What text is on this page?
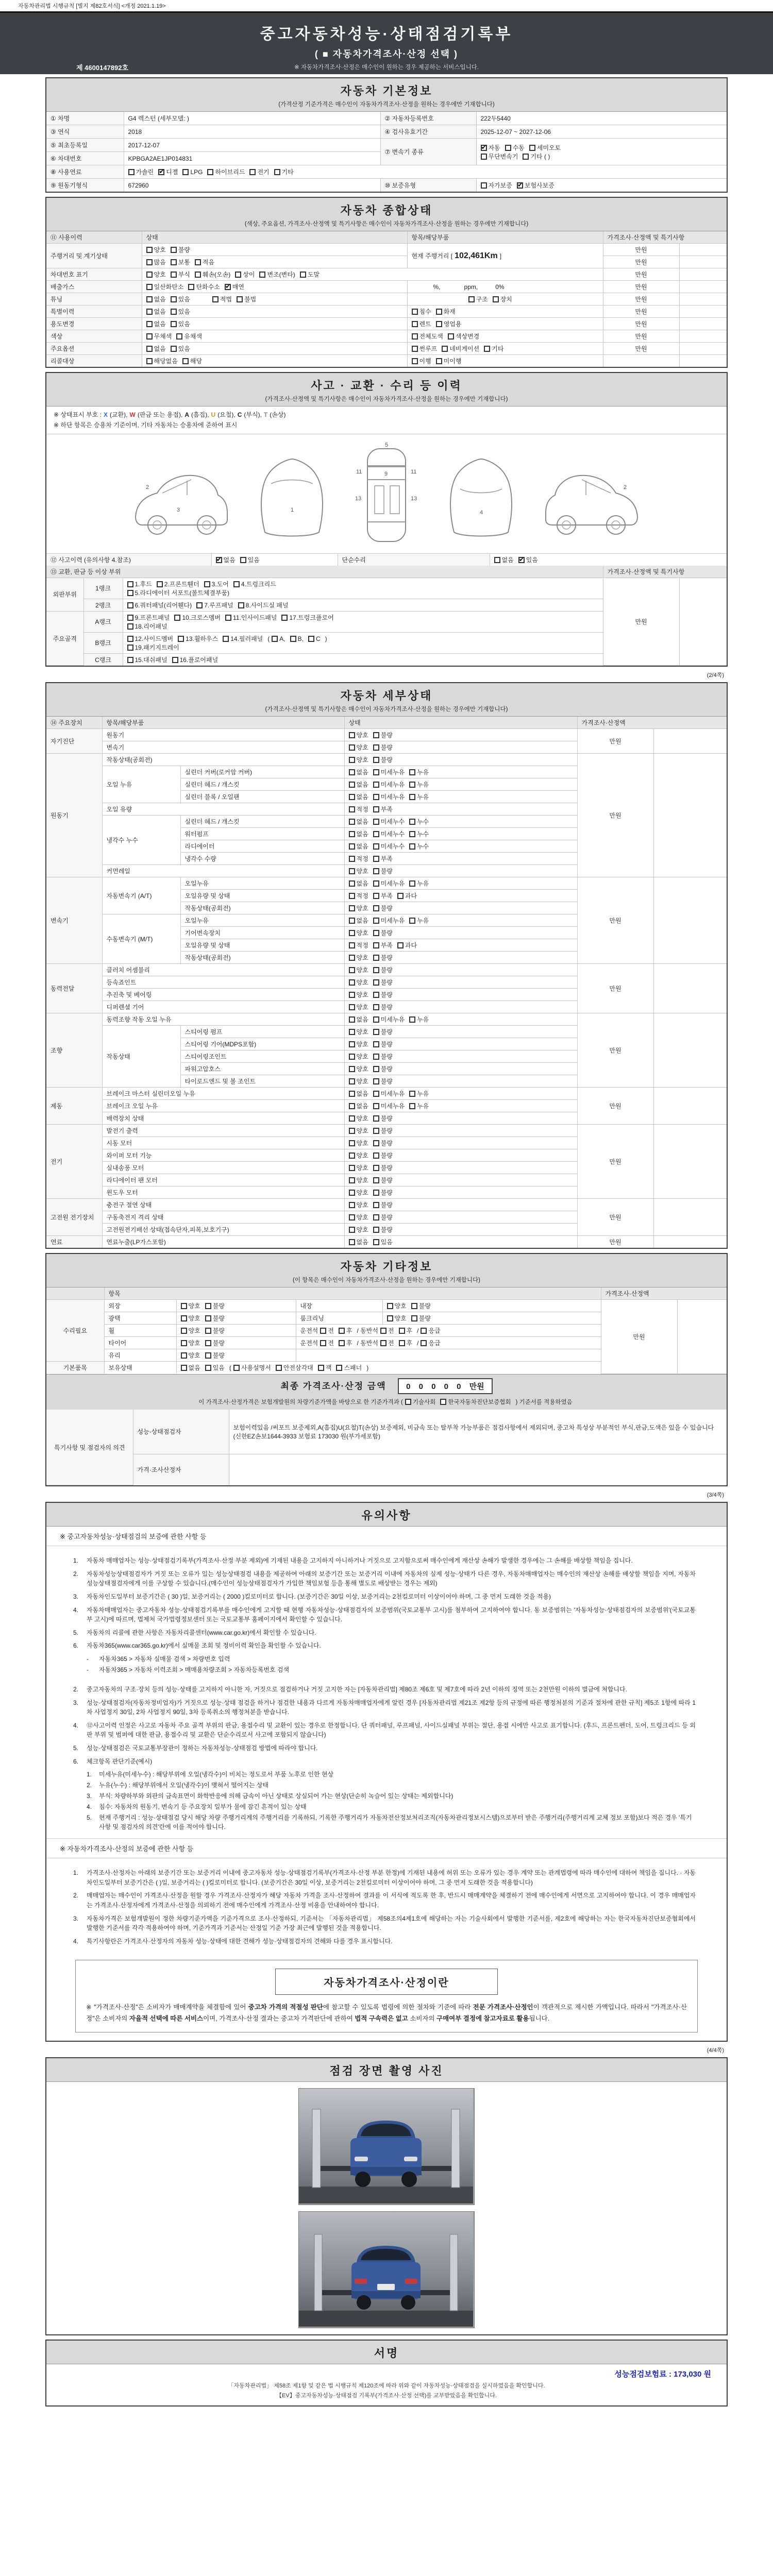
자동차관리법 시행규칙 [별지 제82호서식] <개정 2021.1.19>
중고자동차성능·상태점검기록부
( ■ 자동차가격조사·산정 선택 )
※ 자동차가격조사·산정은 매수인이 원하는 경우 제공하는 서비스입니다.
제 4600147892호
자동차 기본정보
(가격산정 기준가격은 매수인이 자동차가격조사·산정을 원하는 경우에만 기재합니다)
① 차명	G4 렉스턴 (세부모델: )	② 자동차등록번호	222두5440
③ 연식	2018	④ 검사유효기간	2025-12-07 ~ 2027-12-06
⑤ 최초등록일	2017-12-07	⑦ 변속기 종류	✔자동 수동 세미오토
무단변속기 기타 ( )
⑥ 차대번호	KPBGA2AE1JP014831		
⑧ 사용연료	가솔린 ✔ 디젤 LPG 하이브리드 전기 기타
⑨ 원동기형식	672960	⑩ 보증유형	자가보증 ✔ 보험사보증
자동차 종합상태
(색상, 주요옵션, 가격조사·산정액 및 특기사항은 매수인이 자동차가격조사·산정을 원하는 경우에만 기재합니다)
⑪ 사용이력	상태	항목/해당부품	가격조사·산정액 및 특기사항	
주행거리 및 계기상태	양호 불량	현재 주행거리 [102,461Km]	만원	
	많음 보통 적음		만원	
차대번호 표기	양호 부식 훼손(오손) 상이 변조(변타) 도말		만원	
배출가스	일산화탄소 탄화수소 ✔ 매연	%, ppm, 0%	만원	
튜닝	없음 있음 적법 불법	구조 장치	만원	
특별이력	없음 있음	침수 화재	만원	
용도변경	없음 있음	렌트 영업용	만원	
색상	무채색 유채색	전체도색 색상변경	만원	
주요옵션	없음 있음	썬루프 네비게이션 기타	만원	
리콜대상	해당없음 해당	이행 미이행		
사고 · 교환 · 수리 등 이력
(가격조사·산정액 및 특기사항은 매수인이 자동차가격조사·산정을 원하는 경우에만 기재합니다)
※ 상태표시 부호 :X(교환),W(판금 또는 용접),A(흠집),U(요철),C(부식),T(손상)
※ 하단 항목은 승용차 기준이며, 기타 자동차는 승용차에 준하여 표시
2
3	1
5
9
11	11
13	13
4
2
⑫ 사고이력 (유의사항 4.참조)	✔없음 있음	단순수리	없음 ✔ 있음
⑬ 교환, 판금 등 이상 부위			가격조사·산정액 및 특기사항	
외판부위	1랭크	1.후드 2.프론트휀더 3.도어 4.트렁크리드
5.라디에이터 서포트(볼트체결부품)	만원	
	2랭크	6.쿼터패널(리어휀다) 7.루프패널 8.사이드실 패널		
주요골격	A랭크	9.프론트패널 10.크로스멤버 11.인사이드패널 17.트렁크플로어
18.리어패널		
	B랭크	12.사이드멤버 13.휠하우스 14.필러패널 (A, B, C)
19.패키지트레이		
	C랭크	15.대쉬패널 16.플로어패널		
(2/4쪽)
자동차 세부상태
(가격조사·산정액 및 특기사항은 매수인이 자동차가격조사·산정을 원하는 경우에만 기재합니다)
⑭ 주요장치	항목/해당부품		상태	가격조사·산정액	
자기진단	원동기		양호 불량	만원	
	변속기		양호 불량		
원동기	작동상태(공회전)		양호 불량	만원	
	오일 누유	실린더 커버(로커암 커버)	없음 미세누유 누유		
		실린더 헤드 / 개스킷	없음 미세누유 누유		
		실린더 블록 / 오일팬	없음 미세누유 누유		
	오일 유량		적정 부족		
	냉각수 누수	실린더 헤드 / 개스킷	없음 미세누수 누수		
		워터펌프	없음 미세누수 누수		
		라디에이터	없음 미세누수 누수		
		냉각수 수량	적정 부족		
	커먼레일		양호 불량		
변속기	자동변속기 (A/T)	오일누유	없음 미세누유 누유	만원	
		오일유량 및 상태	적정 부족 과다		
		작동상태(공회전)	양호 불량		
	수동변속기 (M/T)	오일누유	없음 미세누유 누유		
		기어변속장치	양호 불량		
		오일유량 및 상태	적정 부족 과다		
		작동상태(공회전)	양호 불량		
동력전달	클러치 어셈블리		양호 불량	만원	
	등속죠인트		양호 불량		
	추진축 및 베어링		양호 불량		
	디퍼렌셜 기어		양호 불량		
조향	동력조향 작동 오일 누유		없음 미세누유 누유	만원	
	작동상태	스티어링 펌프	양호 불량		
		스티어링 기어(MDPS포함)	양호 불량		
		스티어링조인트	양호 불량		
		파워고압호스	양호 불량		
		타이로드엔드 및 볼 조인트	양호 불량		
제동	브레이크 마스터 실린더오일 누유		없음 미세누유 누유	만원	
	브레이크 오일 누유		없음 미세누유 누유		
	배력장치 상태		양호 불량		
전기	발전기 출력		양호 불량	만원	
	시동 모터		양호 불량		
	와이퍼 모터 기능		양호 불량		
	실내송풍 모터		양호 불량		
	라디에이터 팬 모터		양호 불량		
	윈도우 모터		양호 불량		
고전원 전기장치	충전구 절연 상태		양호 불량	만원	
	구동축전지 격리 상태		양호 불량		
	고전원전기배선 상태(접속단자,피복,보호기구)		양호 불량		
연료	연료누출(LP가스포함)		없음 있음	만원	
자동차 기타정보
(이 항목은 매수인이 자동차가격조사·산정을 원하는 경우에만 기재합니다)
	항목				가격조사·산정액	
수리필요	외장	양호 불량	내장	양호 불량	만원	
	광택	양호 불량	룸크리닝	양호 불량		
	휠	양호 불량	운전석 전 후 / 동반석 전 후 / 응급			
	타이어	양호 불량	운전석 전 후 / 동반석 전 후 / 응급			
	유리	양호 불량				
기본품목	보유상태	없음 있음 (사용설명서 안전삼각대 잭 스패너)				
최종 가격조사·산정 금액	0 0 0 0 0 만원
이 가격조사·산정가격은 보험개발원의 차량기준가액을 바탕으로 한 기준가격과 (기술사회 한국자동차진단보증협회) 기준서를 적용하였음
특기사항 및 점검자의 의견	성능·상태점검자	보험이력있음 /써포트 보증제외,A(흠집)U(요철)T(손상) 보증제외, 비금속 또는 탈부착 가능부품은 점검사항에서 제외되며, 중고차 특성상 부분적인 부식,판금,도색은 있을 수 있습니다(신한EZ손보1644-3933 보험료 173030 원(부가세포함)
	가격·조사산정자	
(3/4쪽)
유의사항
※ 중고자동차성능·상태점검의 보증에 관한 사항 등
1.	자동차 매매업자는 성능·상태점검기록부(가격조사·산정 부분 제외)에 기재된 내용을 고지하지 아니하거나 거짓으로 고지함으로써 매수인에게 재산상 손해가 발생한 경우에는 그 손해를 배상할 책임을 집니다.
2.	자동차성능상태점검자가 거짓 또는 오류가 있는 성능상태점검 내용을 제공하여 아래의 보증기간 또는 보증거리 이내에 자동차의 실제 성능·상태가 다른 경우, 자동차매매업자는 매수인의 재산상 손해를 배상할 책임을 지며, 자동차성능상태점검자에게 이를 구상할 수 있습니다.(매수인이 성능상태점검자가 가입한 책임보험 등을 통해 별도로 배상받는 경우는 제외)
3.	자동차인도일부터 보증기간은 ( 30 )일, 보증거리는 ( 2000 )킬로미터로 합니다. (보증기간은 30일 이상, 보증거리는 2천킬로미터 이상이어야 하며, 그 중 먼저 도래한 것을 적용)
4.	자동차매매업자는 중고자동차 성능·상태점검기록부를 매수인에게 고지할 때 현행 자동차성능·상태점검자의 보증범위(국토교통부 고시)를 첨부하여 고지하여야 합니다. 동 보증범위는 '자동차성능·상태점검자의 보증범위'(국토교통부 고시)에 따르며, 법제처 국가법령정보센터 또는 국토교통부 홈페이지에서 확인할 수 있습니다.
5.	자동차의 리콜에 관한 사항은 자동차리콜센터(www.car.go.kr)에서 확인할 수 있습니다.
6.	자동차365(www.car365.go.kr)에서 실매물 조회 및 정비이력 확인을 확인할 수 있습니다.
-	자동차365 > 자동차 실매물 검색 > 차량번호 입력
-	자동차365 > 자동차 이력조회 > 매매용차량조회 > 자동차등록번호 검색
2.	중고자동차의 구조·장치 등의 성능·상태를 고지하지 아니한 자, 거짓으로 점검하거나 거짓 고지한 자는 [자동차관리법] 제80조 제6호 및 제7호에 따라 2년 이하의 징역 또는 2천만원 이하의 벌금에 처합니다.
3.	성능·상태점검자(자동차정비업자)가 거짓으로 성능·상태 점검을 하거나 점검한 내용과 다르게 자동차매매업자에게 알린 경우 [자동차관리법 제21조 제2항 등의 규정에 따른 행정처분의 기준과 절차에 관한 규칙] 제5조 1항에 따라 1차 사업정지 30일, 2차 사업정지 90일, 3차 등록취소의 행정처분을 받습니다.
4.	⑫사고이력 인정은 사고로 자동차 주요 골격 부위의 판금, 용접수리 및 교환이 있는 경우로 한정합니다. 단 쿼터패널, 루프패널, 사이드실패널 부위는 절단, 용접 시에만 사고로 표기합니다. (후드, 프론트펜더, 도어, 트렁크리드 등 외판 부위 및 범퍼에 대한 판금, 용접수리 및 교환은 단순수리로서 사고에 포함되지 않습니다)
5.	성능·상태점검은 국토교통부장관이 정하는 자동차성능·상태점검 방법에 따라야 합니다.
6.	체크항목 판단기준(예시)
1.	미세누유(미세누수) : 해당부위에 오일(냉각수)이 비치는 정도로서 부품 노후로 인한 현상
2.	누유(누수) : 해당부위에서 오일(냉각수)이 맺혀서 떨어지는 상태
3.	부식: 차량하부와 외판의 금속표면이 화학반응에 의해 금속이 아닌 상태로 상실되어 가는 현상(단순히 녹슬어 있는 상태는 제외합니다)
4.	침수: 자동차의 원동기, 변속기 등 주요장치 일부가 물에 잠긴 흔적이 있는 상태
5.	현재 주행거리 : 성능·상태점검 당시 해당 차량 주행거리계의 주행거리를 기록하되, 기록한 주행거리가 자동차전산정보처리조직(자동차관리정보시스템)으로부터 받은 주행거리(주행거리계 교체 정보 포함)보다 적은 경우 '특기사항 및 점검자의 의견'란에 이를 적어야 합니다.
※ 자동차가격조사·산정의 보증에 관한 사항 등
1.	가격조사·산정자는 아래의 보증기간 또는 보증거리 이내에 중고자동차 성능·상태점검기록부(가격조사·산정 부분 한정)에 기재된 내용에 허위 또는 오류가 있는 경우 계약 또는 관계법령에 따라 매수인에 대하여 책임을 집니다. · 자동차인도일부터 보증기간은 ( )일, 보증거리는 ( )킬로미터로 합니다. (보증기간은 30일 이상, 보증거리는 2천킬로미터 이상이어야 하며, 그 중 먼저 도래한 것을 적용합니다)
2.	매매업자는 매수인이 가격조사·산정을 원할 경우 가격조사·산정자가 해당 자동차 가격을 조사·산정하여 결과를 이 서식에 적도록 한 후, 반드시 매매계약을 체결하기 전에 매수인에게 서면으로 고지하여야 합니다. 이 경우 매매업자는 가격조사·산정자에게 가격조사·산정을 의뢰하기 전에 매수인에게 가격조사·산정 비용을 안내하여야 합니다.
3.	자동차가격은 보험개발원이 정한 차량기준가액을 기준가격으로 조사·산정하되, 기준서는 「자동차관리법」 제58조의4제1호에 해당하는 자는 기술사회에서 발행한 기준서를, 제2호에 해당하는 자는 한국자동차진단보증협회에서 발행한 기준서를 각각 적용하여야 하며, 기준가격과 기준서는 산정일 기준 가장 최근에 발행된 것을 적용합니다.
4.	특기사항란은 가격조사·산정자의 자동차 성능·상태에 대한 견해가 성능·상태점검자의 견해와 다를 경우 표시합니다.
자동차가격조사·산정이란

※ "가격조사·산정"은 소비자가 매매계약을 체결함에 있어 중고차 가격의 적절성 판단에 참고할 수 있도록 법령에 의한 절차와 기준에 따라 전문 가격조사·산정인이 객관적으로 제시한 가액입니다. 따라서 "가격조사·산정"은 소비자의 자율적 선택에 따른 서비스이며, 가격조사·산정 결과는 중고차 가격판단에 관하여 법적 구속력은 없고 소비자의 구매여부 결정에 참고자료로 활용됩니다.

(4/4쪽)
점검 장면 촬영 사진
서명
성능점검보험료 : 173,030 원
「자동차관리법」 제58조 제1항 및 같은 법 시행규칙 제120조에 따라 위와 같이 자동차성능·상태점검을 실시하였음을 확인합니다.
【EV】중고자동차성능·상태점검 기록부(가격조사·산정 선택)를 교부받았음을 확인합니다.
